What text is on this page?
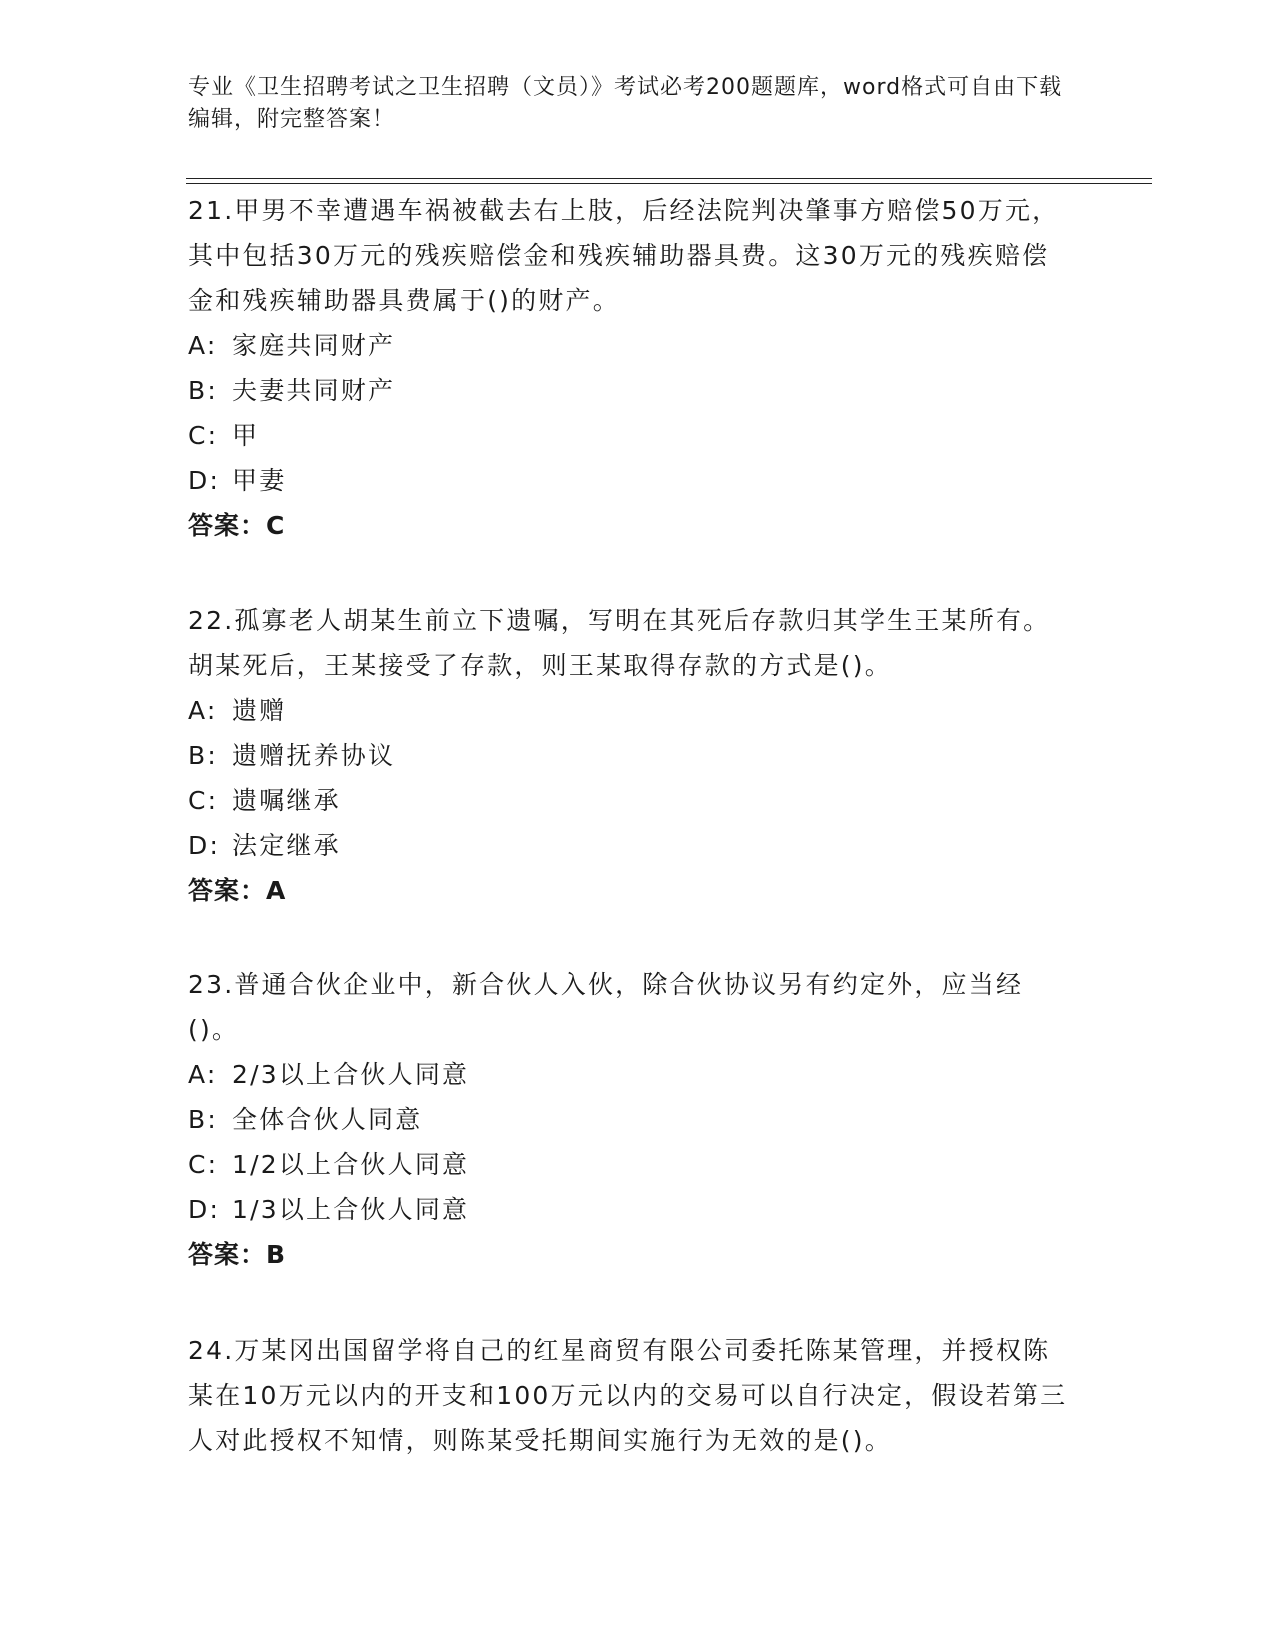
专业《卫生招聘考试之卫生招聘（文员）》考试必考200题题库，word格式可自由下载编辑，附完整答案！
21.甲男不幸遭遇车祸被截去右上肢，后经法院判决肇事方赔偿50万元，其中包括30万元的残疾赔偿金和残疾辅助器具费。这30万元的残疾赔偿金和残疾辅助器具费属于()的财产。
A: 家庭共同财产
B: 夫妻共同财产
C: 甲
D: 甲妻
答案：C
22.孤寡老人胡某生前立下遗嘱，写明在其死后存款归其学生王某所有。胡某死后，王某接受了存款，则王某取得存款的方式是()。
A: 遗赠
B: 遗赠抚养协议
C: 遗嘱继承
D: 法定继承
答案：A
23.普通合伙企业中，新合伙人入伙，除合伙协议另有约定外，应当经()。
A: 2/3以上合伙人同意
B: 全体合伙人同意
C: 1/2以上合伙人同意
D: 1/3以上合伙人同意
答案：B
24.万某冈出国留学将自己的红星商贸有限公司委托陈某管理，并授权陈某在10万元以内的开支和100万元以内的交易可以自行决定，假设若第三人对此授权不知情，则陈某受托期间实施行为无效的是()。
